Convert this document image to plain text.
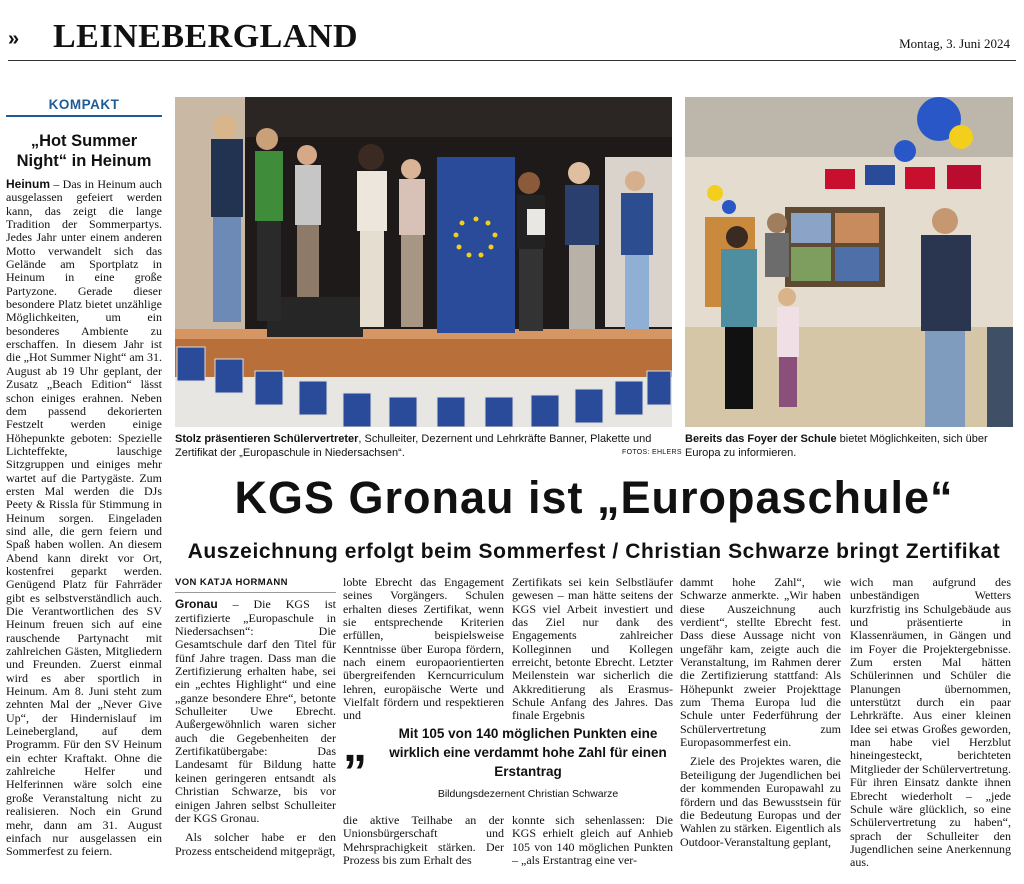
» LEINEBERGLAND	Montag, 3. Juni 2024
KOMPAKT
„Hot Summer Night“ in Heinum

Heinum – Das in Heinum auch ausgelassen gefeiert werden kann, das zeigt die lange Tradition der Sommerpartys. Jedes Jahr unter einem anderen Motto verwandelt sich das Gelände am Sportplatz in Heinum in eine große Partyzone. Gerade dieser besondere Platz bietet unzählige Möglichkeiten, um ein besonderes Ambiente zu erschaffen. In diesem Jahr ist die „Hot Summer Night“ am 31. August ab 19 Uhr geplant, der Zusatz „Beach Edition“ lässt schon einiges erahnen. Neben dem passend dekorierten Festzelt werden einige Höhepunkte geboten: Spezielle Lichteffekte, lauschige Sitzgruppen und einiges mehr wartet auf die Partygäste. Zum ersten Mal werden die DJs Peety & Rissla für Stimmung in Heinum sorgen. Eingeladen sind alle, die gern feiern und Spaß haben wollen. An diesem Abend kann direkt vor Ort, kostenfrei geparkt werden. Genügend Platz für Fahrräder gibt es selbstverständlich auch. Die Verantwortlichen des SV Heinum freuen sich auf eine rauschende Partynacht mit zahlreichen Gästen, Mitgliedern und Freunden. Zuerst einmal wird es aber sportlich in Heinum. Am 8. Juni steht zum zehnten Mal der „Never Give Up“, der Hindernislauf im Leinebergland, auf dem Programm. Für den SV Heinum ein echter Kraftakt. Ohne die zahlreiche Helfer und Helferinnen wäre solch eine große Veranstaltung nicht zu realisieren. Noch ein Grund mehr, dann am 31. August einfach nur ausgelassen ein Sommerfest zu feiern.

Stolz präsentieren Schülervertreter, Schulleiter, Dezernent und Lehrkräfte Banner, Plakette und Zertifikat der „Europaschule in Niedersachsen“.	FOTOS: EHLERS

Bereits das Foyer der Schule bietet Möglichkeiten, sich über Europa zu informieren.

KGS Gronau ist „Europaschule“
Auszeichnung erfolgt beim Sommerfest / Christian Schwarze bringt Zertifikat
VON KATJA HORMANN

Gronau – Die KGS ist zertifizierte „Europaschule in Niedersachsen“: Die Gesamtschule darf den Titel für fünf Jahre tragen. Dass man die Zertifizierung erhalten habe, sei ein „echtes Highlight“ und eine „ganze besondere Ehre“, betonte Schulleiter Uwe Ebrecht. Außergewöhnlich waren sicher auch die Gegebenheiten der Zertifikatübergabe: Das Landesamt für Bildung hatte keinen geringeren entsandt als Christian Schwarze, bis vor einigen Jahren selbst Schulleiter der KGS Gronau.

Als solcher habe er den Prozess entscheidend mitgeprägt,

lobte Ebrecht das Engagement seines Vorgängers. Schulen erhalten dieses Zertifikat, wenn sie entsprechende Kriterien erfüllen, beispielsweise Kenntnisse über Europa fördern, nach einem europaorientierten übergreifenden Kerncurriculum lehren, europäische Werte und Vielfalt fördern und respektieren und

Zertifikats sei kein Selbstläufer gewesen – man hätte seitens der KGS viel Arbeit investiert und das Ziel nur dank des Engagements zahlreicher Kolleginnen und Kollegen erreicht, betonte Ebrecht. Letzter Meilenstein war sicherlich die Akkreditierung als Erasmus-Schule Anfang des Jahres. Das finale Ergebnis

„	Mit 105 von 140 möglichen Punkten eine wirklich eine verdammt hohe Zahl für einen Erstantrag

Bildungsdezernent Christian Schwarze

die aktive Teilhabe an der Unionsbürgerschaft und Mehrsprachigkeit stärken. Der Prozess bis zum Erhalt des

konnte sich sehenlassen: Die KGS erhielt gleich auf Anhieb 105 von 140 möglichen Punkten – „als Erstantrag eine ver-

dammt hohe Zahl“, wie Schwarze anmerkte. „Wir haben diese Auszeichnung auch verdient“, stellte Ebrecht fest. Dass diese Aussage nicht von ungefähr kam, zeigte auch die Veranstaltung, im Rahmen derer die Zertifizierung stattfand: Als Höhepunkt zweier Projekttage zum Thema Europa lud die Schule unter Federführung der Schülervertretung zum Europasommerfest ein.

Ziele des Projektes waren, die Beteiligung der Jugendlichen bei der kommenden Europawahl zu fördern und das Bewusstsein für die Bedeutung Europas und der Wahlen zu stärken. Eigentlich als Outdoor-Veranstaltung geplant,

wich man aufgrund des unbeständigen Wetters kurzfristig ins Schulgebäude aus und präsentierte in Klassenräumen, in Gängen und im Foyer die Projektergebnisse. Zum ersten Mal hätten Schülerinnen und Schüler die Planungen übernommen, unterstützt durch ein paar Lehrkräfte. Aus einer kleinen Idee sei etwas Großes geworden, man habe viel Herzblut hineingesteckt, berichteten Mitglieder der Schülervertretung. Für ihren Einsatz dankte ihnen Ebrecht wiederholt – „jede Schule wäre glücklich, so eine Schülervertretung zu haben“, sprach der Schulleiter den Jugendlichen seine Anerkennung aus.
